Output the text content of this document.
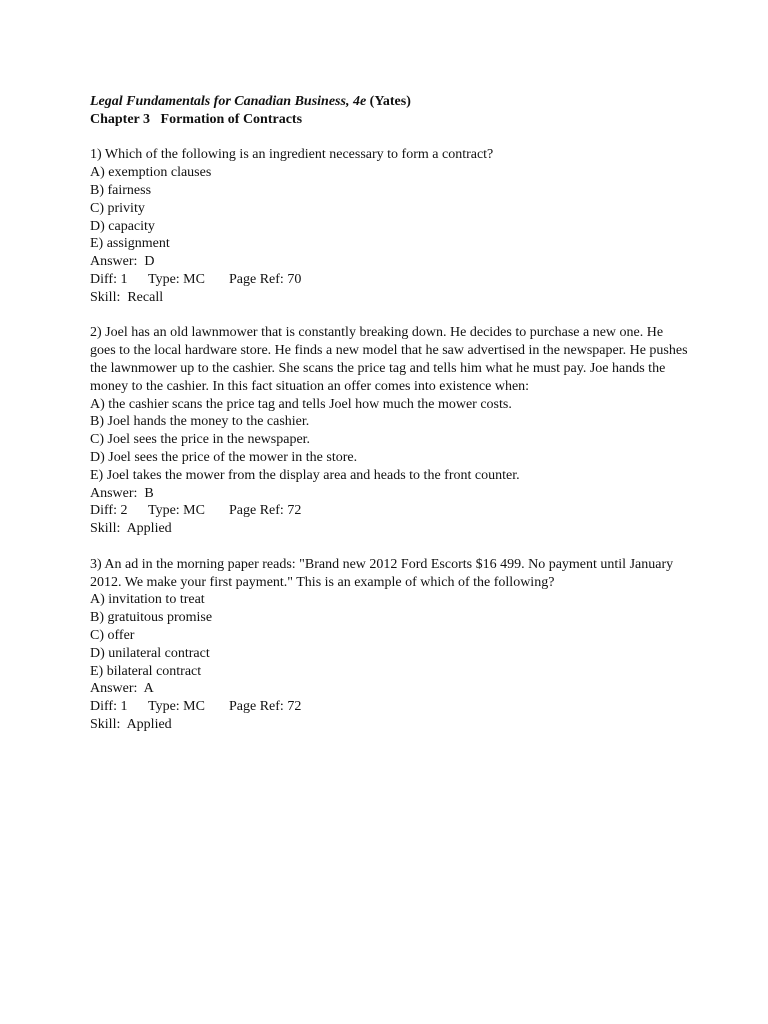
Legal Fundamentals for Canadian Business, 4e (Yates)
Chapter 3   Formation of Contracts
1) Which of the following is an ingredient necessary to form a contract?
A) exemption clauses
B) fairness
C) privity
D) capacity
E) assignment
Answer:  D
Diff: 1 Type: MC Page Ref: 70
Skill:  Recall
2) Joel has an old lawnmower that is constantly breaking down. He decides to purchase a new one. He goes to the local hardware store. He finds a new model that he saw advertised in the newspaper. He pushes the lawnmower up to the cashier. She scans the price tag and tells him what he must pay. Joe hands the money to the cashier. In this fact situation an offer comes into existence when:
A) the cashier scans the price tag and tells Joel how much the mower costs.
B) Joel hands the money to the cashier.
C) Joel sees the price in the newspaper.
D) Joel sees the price of the mower in the store.
E) Joel takes the mower from the display area and heads to the front counter.
Answer:  B
Diff: 2 Type: MC Page Ref: 72
Skill:  Applied
3) An ad in the morning paper reads: "Brand new 2012 Ford Escorts $16 499. No payment until January 2012. We make your first payment." This is an example of which of the following?
A) invitation to treat
B) gratuitous promise
C) offer
D) unilateral contract
E) bilateral contract
Answer:  A
Diff: 1 Type: MC Page Ref: 72
Skill:  Applied
